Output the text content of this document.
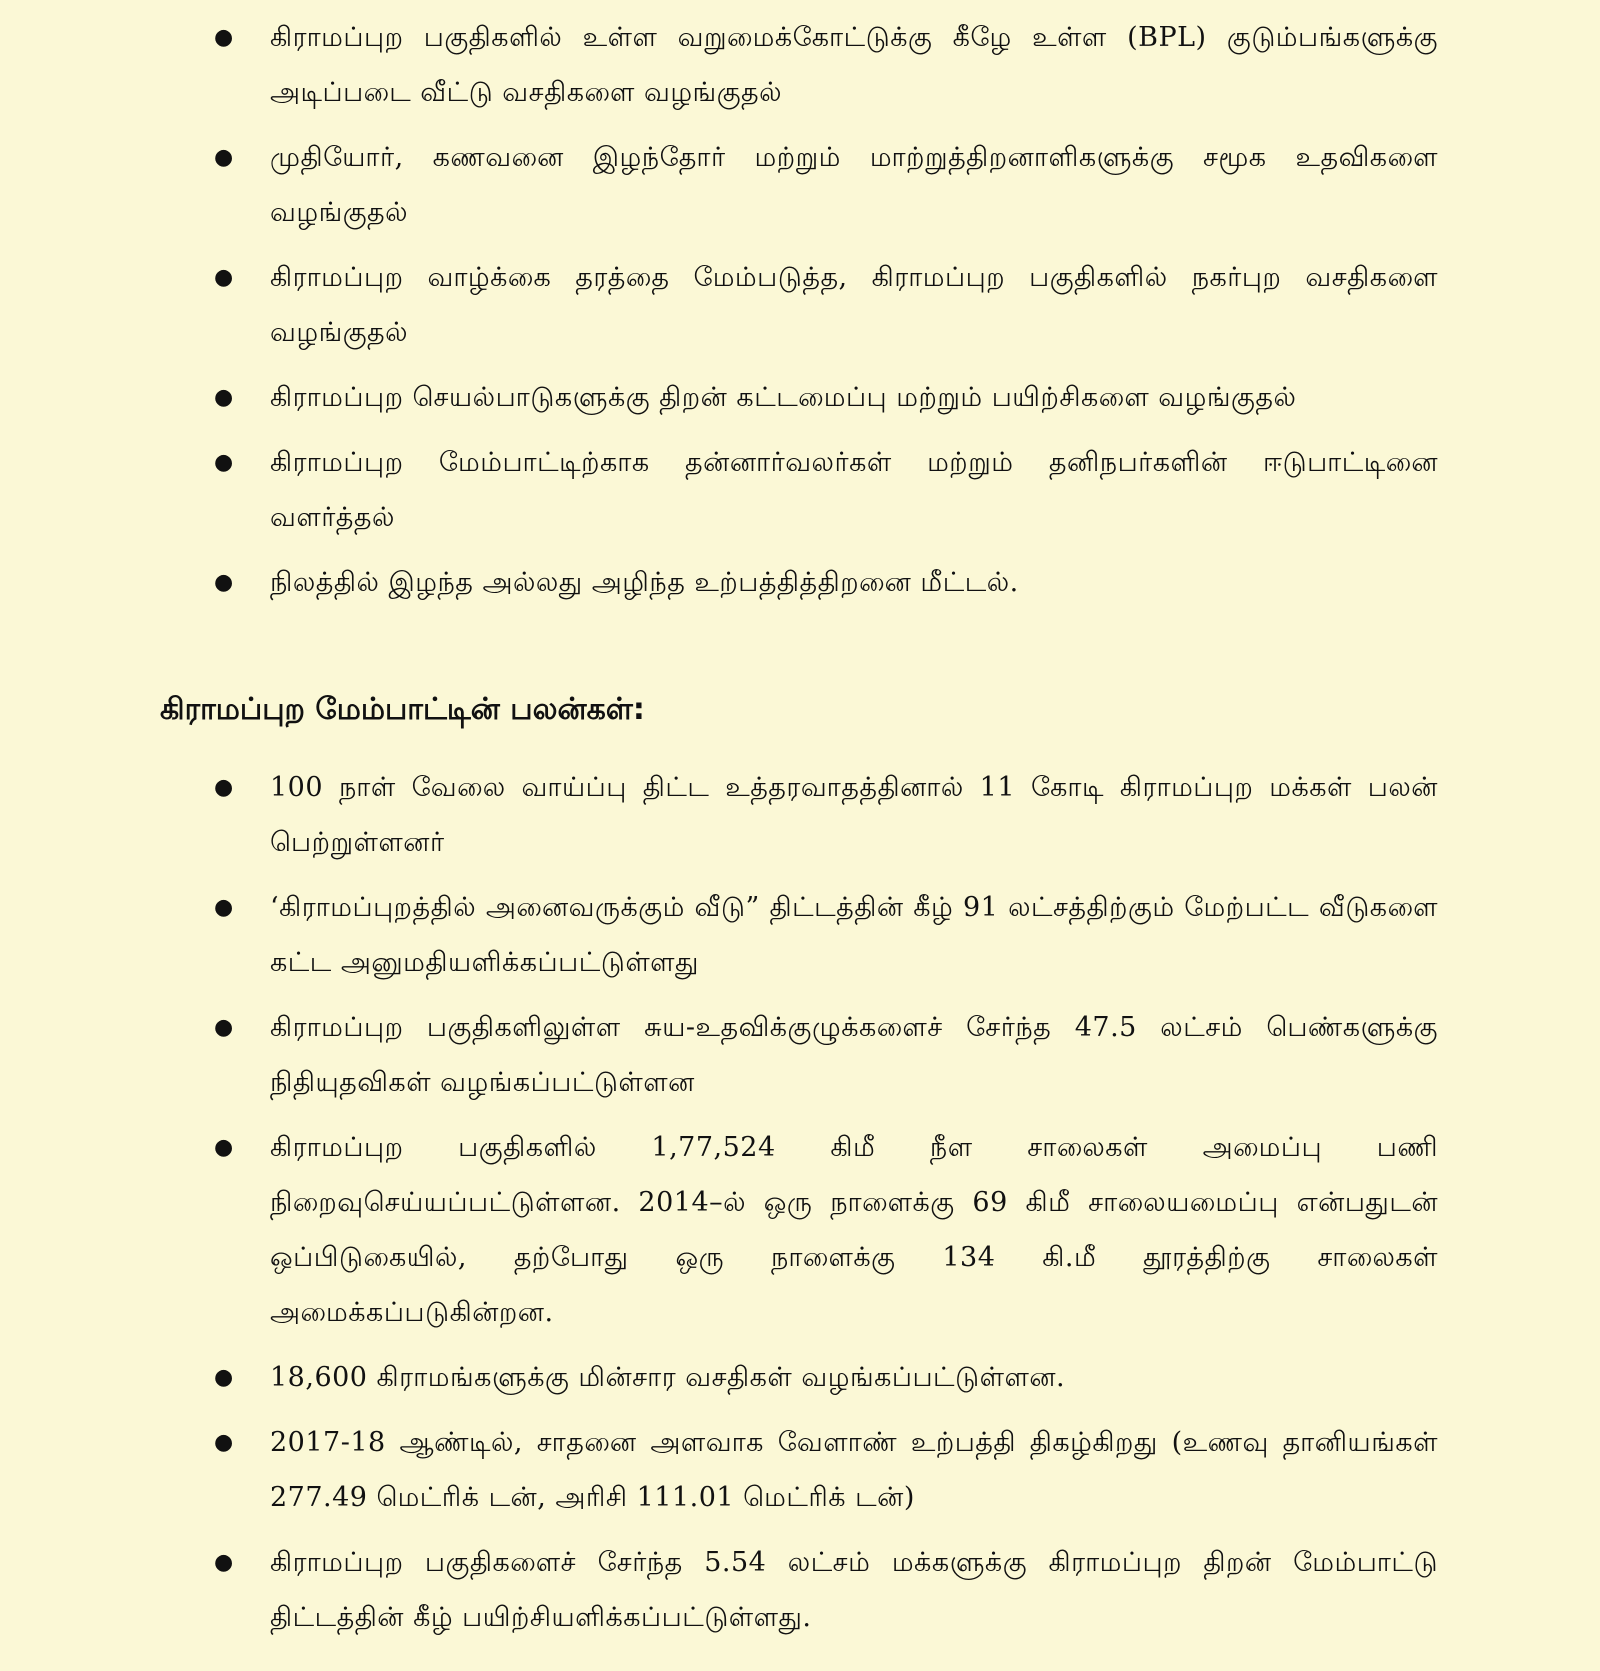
● கிராமப்புற பகுதிகளில் உள்ள வறுமைக்கோட்டுக்கு கீழே உள்ள (BPL) குடும்பங்களுக்கு அடிப்படை வீட்டு வசதிகளை வழங்குதல்
● முதியோர், கணவனை இழந்தோர் மற்றும் மாற்றுத்திறனாளிகளுக்கு சமூக உதவிகளை வழங்குதல்
● கிராமப்புற வாழ்க்கை தரத்தை மேம்படுத்த, கிராமப்புற பகுதிகளில் நகர்புற வசதிகளை வழங்குதல்
● கிராமப்புற செயல்பாடுகளுக்கு திறன் கட்டமைப்பு மற்றும் பயிற்சிகளை வழங்குதல்
● கிராமப்புற மேம்பாட்டிற்காக தன்னார்வலர்கள் மற்றும் தனிநபர்களின் ஈடுபாட்டினை வளர்த்தல்
● நிலத்தில் இழந்த அல்லது அழிந்த உற்பத்தித்திறனை மீட்டல்.
கிராமப்புற மேம்பாட்டின் பலன்கள்:
● 100 நாள் வேலை வாய்ப்பு திட்ட உத்தரவாதத்தினால் 11 கோடி கிராமப்புற மக்கள் பலன் பெற்றுள்ளனர்
● ‘கிராமப்புறத்தில் அனைவருக்கும் வீடு” திட்டத்தின் கீழ் 91 லட்சத்திற்கும் மேற்பட்ட வீடுகளை கட்ட அனுமதியளிக்கப்பட்டுள்ளது
● கிராமப்புற பகுதிகளிலுள்ள சுய-உதவிக்குழுக்களைச் சேர்ந்த 47.5 லட்சம் பெண்களுக்கு நிதியுதவிகள் வழங்கப்பட்டுள்ளன
● கிராமப்புற பகுதிகளில் 1,77,524 கிமீ நீள சாலைகள் அமைப்பு பணி நிறைவுசெய்யப்பட்டுள்ளன. 2014–ல் ஒரு நாளைக்கு 69 கிமீ சாலையமைப்பு என்பதுடன் ஒப்பிடுகையில், தற்போது ஒரு நாளைக்கு 134 கி.மீ தூரத்திற்கு சாலைகள் அமைக்கப்படுகின்றன.
● 18,600 கிராமங்களுக்கு மின்சார வசதிகள் வழங்கப்பட்டுள்ளன.
● 2017-18 ஆண்டில், சாதனை அளவாக வேளாண் உற்பத்தி திகழ்கிறது (உணவு தானியங்கள் 277.49 மெட்ரிக் டன், அரிசி 111.01 மெட்ரிக் டன்)
● கிராமப்புற பகுதிகளைச் சேர்ந்த 5.54 லட்சம் மக்களுக்கு கிராமப்புற திறன் மேம்பாட்டு திட்டத்தின் கீழ் பயிற்சியளிக்கப்பட்டுள்ளது.
